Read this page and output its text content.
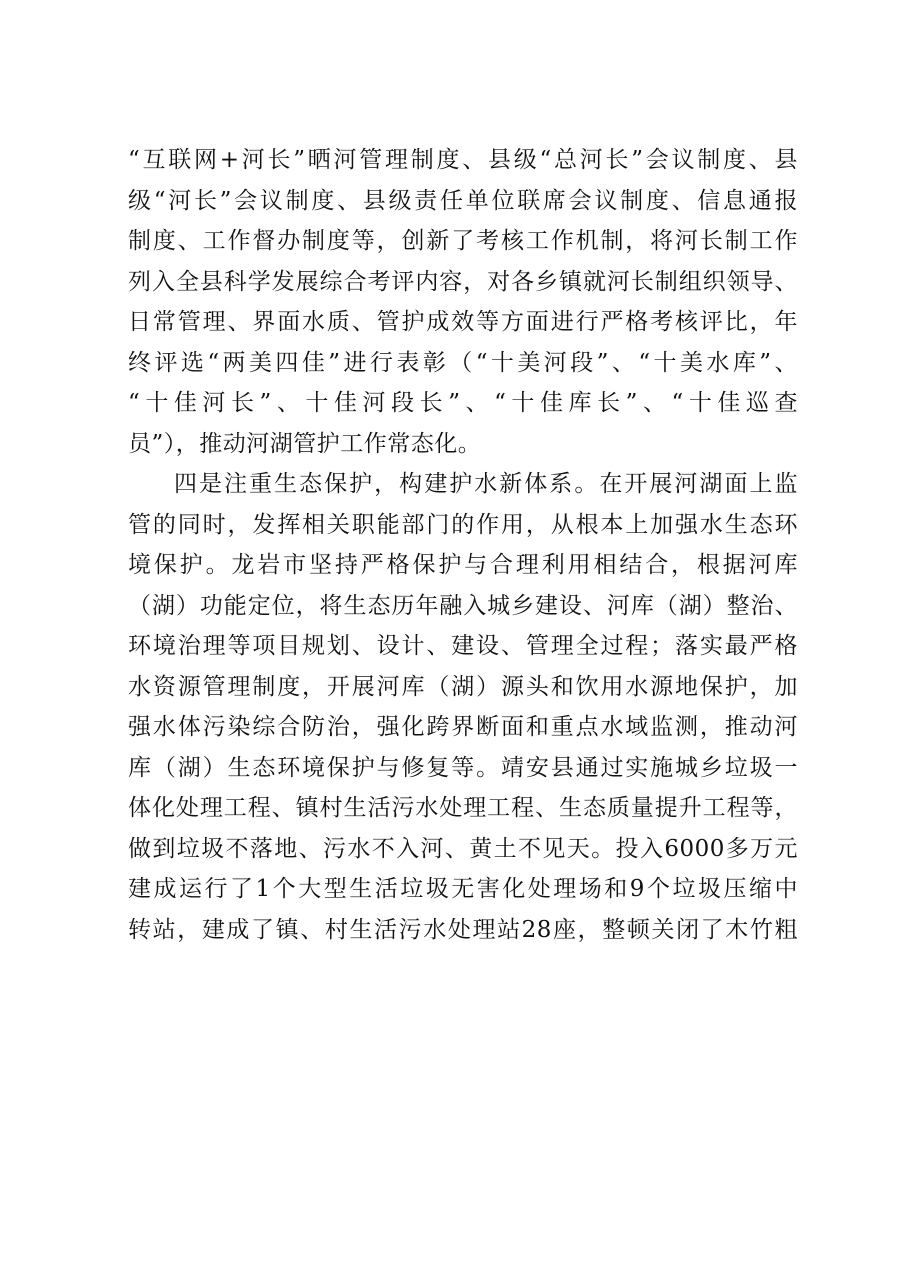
“互联网+河长”晒河管理制度、县级“总河长”会议制度、县
级“河长”会议制度、县级责任单位联席会议制度、信息通报
制度、工作督办制度等，创新了考核工作机制，将河长制工作
列入全县科学发展综合考评内容，对各乡镇就河长制组织领导、
日常管理、界面水质、管护成效等方面进行严格考核评比，年
终评选“两美四佳”进行表彰（“十美河段”、“十美水库”、
“十佳河长”、十佳河段长”、“十佳库长”、“十佳巡查
员”），推动河湖管护工作常态化。
四是注重生态保护，构建护水新体系。在开展河湖面上监
管的同时，发挥相关职能部门的作用，从根本上加强水生态环
境保护。龙岩市坚持严格保护与合理利用相结合，根据河库
（湖）功能定位，将生态历年融入城乡建设、河库（湖）整治、
环境治理等项目规划、设计、建设、管理全过程；落实最严格
水资源管理制度，开展河库（湖）源头和饮用水源地保护，加
强水体污染综合防治，强化跨界断面和重点水域监测，推动河
库（湖）生态环境保护与修复等。靖安县通过实施城乡垃圾一
体化处理工程、镇村生活污水处理工程、生态质量提升工程等，
做到垃圾不落地、污水不入河、黄土不见天。投入6000多万元
建成运行了1个大型生活垃圾无害化处理场和9个垃圾压缩中
转站，建成了镇、村生活污水处理站28座，整顿关闭了木竹粗
